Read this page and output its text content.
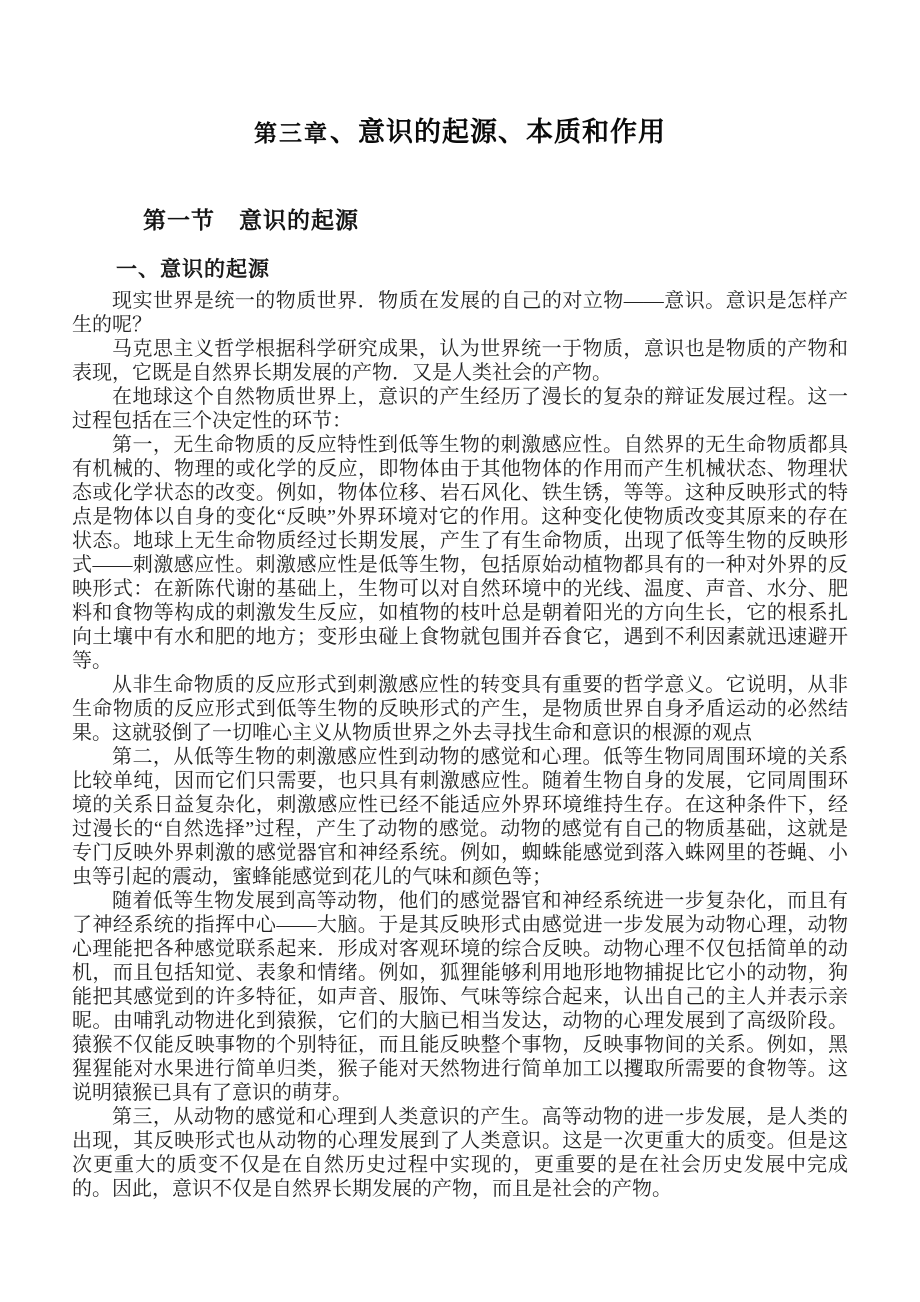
第三章、意识的起源、本质和作用
第一节　意识的起源
一、意识的起源

现实世界是统一的物质世界．物质在发展的自己的对立物——意识。意识是怎样产生的呢？

马克思主义哲学根据科学研究成果，认为世界统一于物质，意识也是物质的产物和表现，它既是自然界长期发展的产物．又是人类社会的产物。

在地球这个自然物质世界上，意识的产生经历了漫长的复杂的辩证发展过程。这一过程包括在三个决定性的环节：

第一，无生命物质的反应特性到低等生物的刺激感应性。自然界的无生命物质都具有机械的、物理的或化学的反应，即物体由于其他物体的作用而产生机械状态、物理状态或化学状态的改变。例如，物体位移、岩石风化、铁生锈，等等。这种反映形式的特点是物体以自身的变化“反映”外界环境对它的作用。这种变化使物质改变其原来的存在状态。地球上无生命物质经过长期发展，产生了有生命物质，出现了低等生物的反映形式——刺激感应性。刺激感应性是低等生物，包括原始动植物都具有的一种对外界的反映形式：在新陈代谢的基础上，生物可以对自然环境中的光线、温度、声音、水分、肥料和食物等构成的刺激发生反应，如植物的枝叶总是朝着阳光的方向生长，它的根系扎向土壤中有水和肥的地方；变形虫碰上食物就包围并吞食它，遇到不利因素就迅速避开等。

从非生命物质的反应形式到刺激感应性的转变具有重要的哲学意义。它说明，从非生命物质的反应形式到低等生物的反映形式的产生，是物质世界自身矛盾运动的必然结果。这就驳倒了一切唯心主义从物质世界之外去寻找生命和意识的根源的观点

第二，从低等生物的刺激感应性到动物的感觉和心理。低等生物同周围环境的关系比较单纯，因而它们只需要，也只具有刺激感应性。随着生物自身的发展，它同周围环境的关系日益复杂化，刺激感应性已经不能适应外界环境维持生存。在这种条件下，经过漫长的“自然选择”过程，产生了动物的感觉。动物的感觉有自己的物质基础，这就是专门反映外界刺激的感觉器官和神经系统。例如，蜘蛛能感觉到落入蛛网里的苍蝇、小虫等引起的震动，蜜蜂能感觉到花儿的气味和颜色等；

随着低等生物发展到高等动物，他们的感觉器官和神经系统进一步复杂化，而且有了神经系统的指挥中心——大脑。于是其反映形式由感觉进一步发展为动物心理，动物心理能把各种感觉联系起来．形成对客观环境的综合反映。动物心理不仅包括简单的动机，而且包括知觉、表象和情绪。例如，狐狸能够利用地形地物捕捉比它小的动物，狗能把其感觉到的许多特征，如声音、服饰、气味等综合起来，认出自己的主人并表示亲昵。由哺乳动物进化到猿猴，它们的大脑已相当发达，动物的心理发展到了高级阶段。猿猴不仅能反映事物的个别特征，而且能反映整个事物，反映事物间的关系。例如，黑猩猩能对水果进行简单归类，猴子能对天然物进行简单加工以攫取所需要的食物等。这说明猿猴已具有了意识的萌芽。

第三，从动物的感觉和心理到人类意识的产生。高等动物的进一步发展，是人类的出现，其反映形式也从动物的心理发展到了人类意识。这是一次更重大的质变。但是这次更重大的质变不仅是在自然历史过程中实现的，更重要的是在社会历史发展中完成的。因此，意识不仅是自然界长期发展的产物，而且是社会的产物。
